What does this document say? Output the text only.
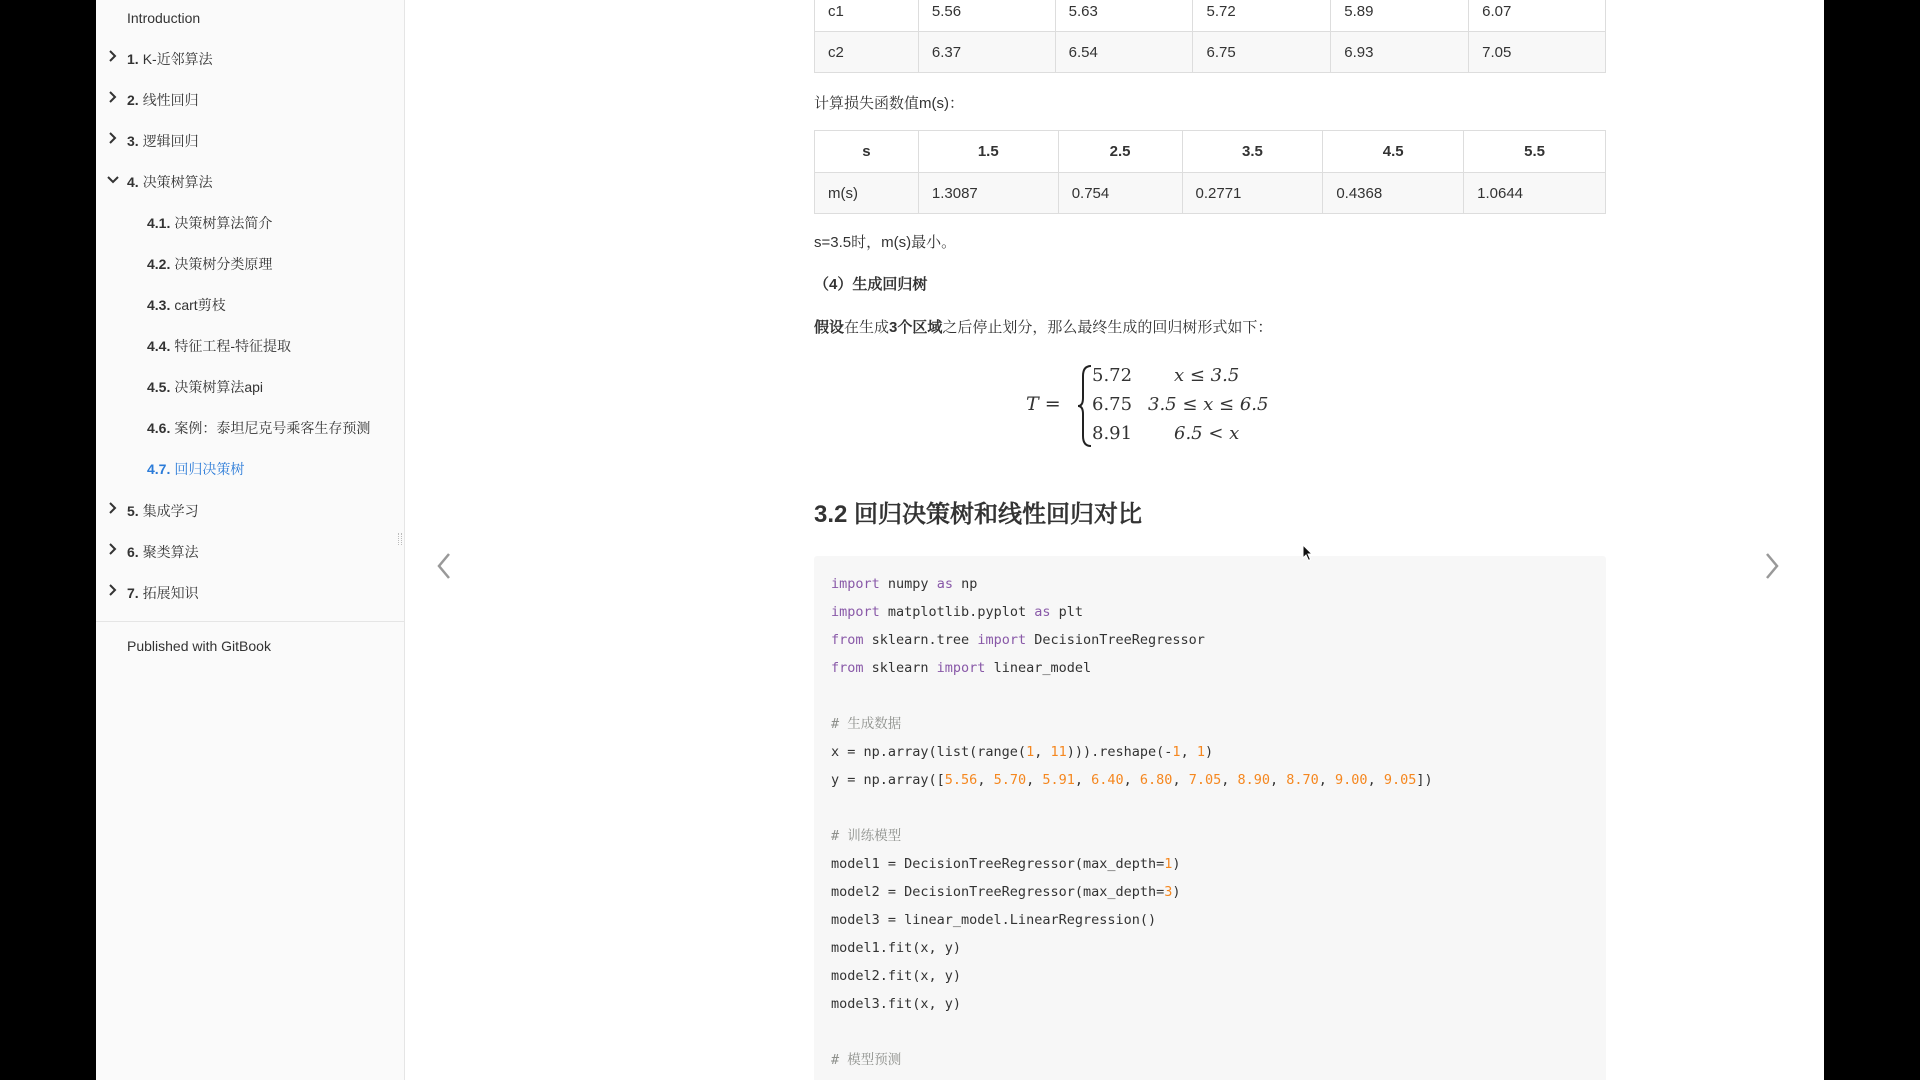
Introduction
1. K-近邻算法
2. 线性回归
3. 逻辑回归
4. 决策树算法
4.1. 决策树算法简介
4.2. 决策树分类原理
4.3. cart剪枝
4.4. 特征工程-特征提取
4.5. 决策树算法api
4.6. 案例：泰坦尼克号乘客生存预测
4.7. 回归决策树
5. 集成学习
6. 聚类算法
7. 拓展知识
Published with GitBook
c1	5.56	5.63	5.72	5.89	6.07
c2	6.37	6.54	6.75	6.93	7.05
计算损失函数值m(s)：
s	1.5	2.5	3.5	4.5	5.5
m(s)	1.3087	0.754	0.2771	0.4368	1.0644
s=3.5时，m(s)最小。
（4）生成回归树
假设在生成3个区域之后停止划分，那么最终生成的回归树形式如下：
T =
5.72
6.75
8.91
x ≤ 3.5
3.5 ≤ x ≤ 6.5
6.5 < x
3.2 回归决策树和线性回归对比
import numpy as np
import matplotlib.pyplot as plt
from sklearn.tree import DecisionTreeRegressor
from sklearn import linear_model
# 生成数据
x = np.array(list(range(1, 11))).reshape(-1, 1)
y = np.array([5.56, 5.70, 5.91, 6.40, 6.80, 7.05, 8.90, 8.70, 9.00, 9.05])
# 训练模型
model1 = DecisionTreeRegressor(max_depth=1)
model2 = DecisionTreeRegressor(max_depth=3)
model3 = linear_model.LinearRegression()
model1.fit(x, y)
model2.fit(x, y)
model3.fit(x, y)
# 模型预测
